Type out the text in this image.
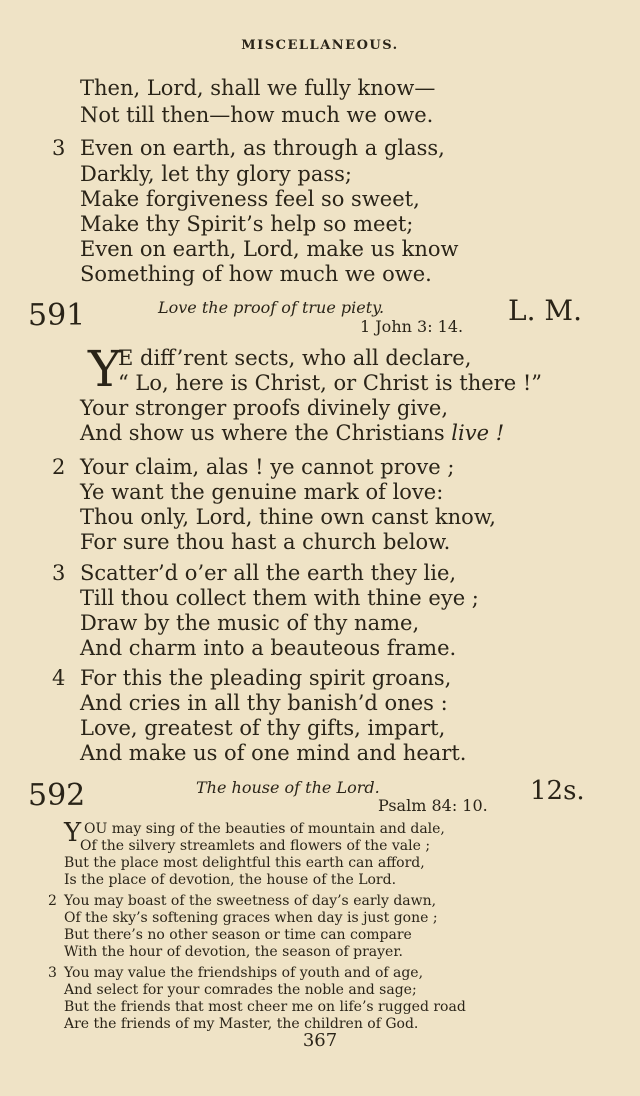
MISCELLANEOUS.
Then, Lord, shall we fully know—
Not till then—how much we owe.
3 Even on earth, as through a glass,
Darkly, let thy glory pass;
Make forgiveness feel so sweet,
Make thy Spirit’s help so meet;
Even on earth, Lord, make us know
Something of how much we owe.
591	Love the proof of true piety.
1 John 3: 14. L. M.
Y
E diff’rent sects, who all declare,
“ Lo, here is Christ, or Christ is there !”
Your stronger proofs divinely give,
And show us where the Christians live !
2 Your claim, alas ! ye cannot prove ;
Ye want the genuine mark of love:
Thou only, Lord, thine own canst know,
For sure thou hast a church below.
3 Scatter’d o’er all the earth they lie,
Till thou collect them with thine eye ;
Draw by the music of thy name,
And charm into a beauteous frame.
4 For this the pleading spirit groans,
And cries in all thy banish’d ones :
Love, greatest of thy gifts, impart,
And make us of one mind and heart.
592	The house of the Lord.
Psalm 84: 10. 12s.
Y OU may sing of the beauties of mountain and dale,
Of the silvery streamlets and flowers of the vale ;
But the place most delightful this earth can afford,
Is the place of devotion, the house of the Lord.
2 You may boast of the sweetness of day’s early dawn,
Of the sky’s softening graces when day is just gone ;
But there’s no other season or time can compare
With the hour of devotion, the season of prayer.
3 You may value the friendships of youth and of age,
And select for your comrades the noble and sage;
But the friends that most cheer me on life’s rugged road
Are the friends of my Master, the children of God.
367
